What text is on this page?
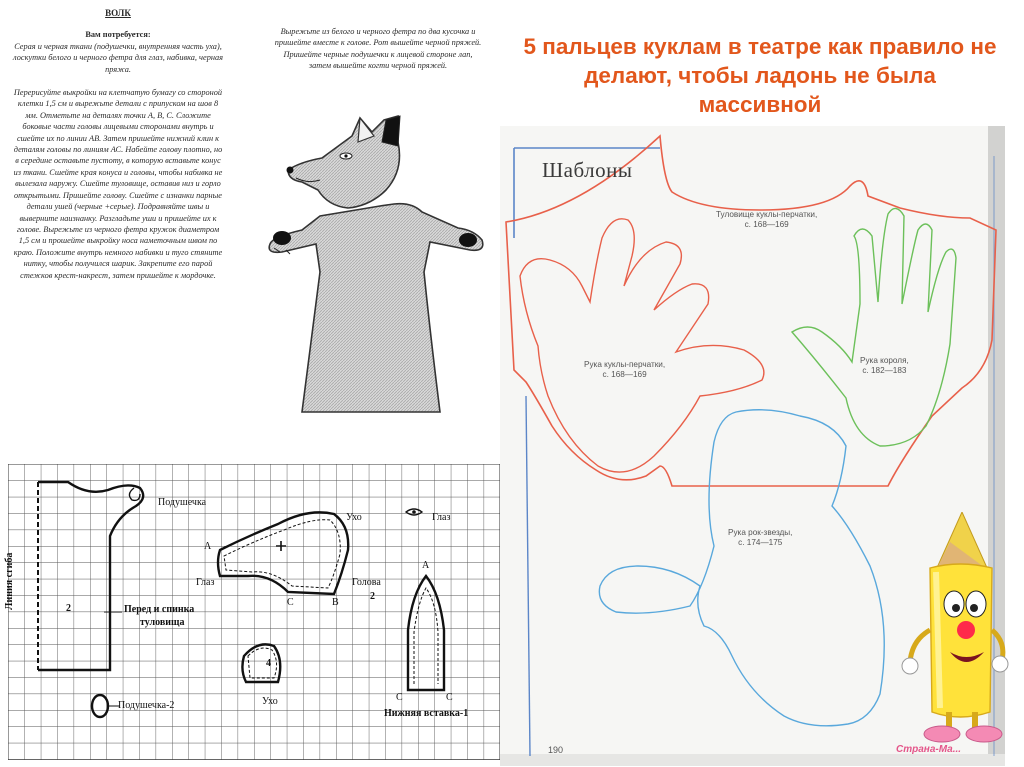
ВОЛК
Вам потребуется:

Серая и черная ткани (подушечки, внутренняя часть уха), лоскутки белого и черного фетра для глаз, набивка, черная пряжа.

Перерисуйте выкройки на клетчатую бумагу со стороной клетки 1,5 см и вырежьте детали с припуском на шов 8 мм. Отметьте на деталях точки А, В, С. Сложите боковые части головы лицевыми сторонами внутрь и сшейте их по линии АВ. Затем пришейте нижний клин к деталям головы по линиям АС. Набейте голову плотно, но в середине оставьте пустоту, в которую вставьте конус из ткани. Сшейте края конуса и головы, чтобы набивка не вылезала наружу. Сшейте туловище, оставив низ и горло открытыми. Пришейте голову. Сшейте с изнанки парные детали ушей (черные +серые). Подравняйте швы и выверните наизнанку. Разгладьте уши и пришейте их к голове. Вырежьте из черного фетра кружок диаметром 1,5 см и прошейте выкройку носа наметочным швом по краю. Положите внутрь немного набивки и туго стяните нитку, чтобы получился шарик. Закрепите его парой стежков крест-накрест, затем пришейте к мордочке.

Вырежьте из белого и черного фетра по два кусочка и пришейте вместе к голове. Рот вышейте черной пряжей. Пришейте черные подушечки к лицевой стороне лап, затем вышейте когти черной пряжей.

5 пальцев куклам в театре как правило не делают, чтобы ладонь не была массивной
Линия сгиба
Подушечка
Подушечка-2
Перед и спинка
туловища
2
2
4
Ухо
Ухо
Глаз
Глаз	Голова
Нижняя вставка-1
A
A
B
C
C	C
Шаблоны
Туловище куклы-перчатки,
с. 168—169
Рука куклы-перчатки,
с. 168—169
Рука короля,
с. 182—183
Рука рок-звезды,
с. 174—175
190	Страна-Ма...
